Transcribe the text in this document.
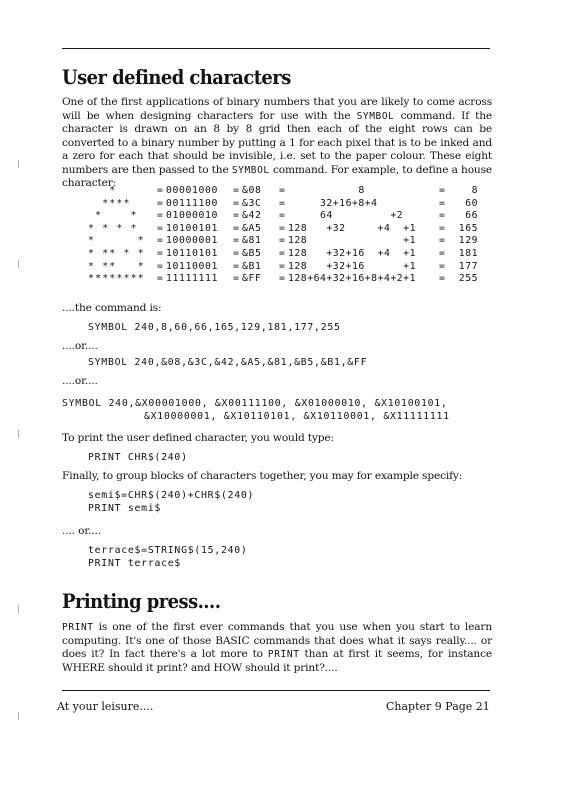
User defined characters
One of the first applications of binary numbers that you are likely to come across will be when designing characters for use with the SYMBOL command. If the character is drawn on an 8 by 8 grid then each of the eight rows can be converted to a binary number by putting a 1 for each pixel that is to be inked and a zero for each that should be invisible, i.e. set to the paper colour. These eight numbers are then passed to the SYMBOL command. For example, to define a house character:
*	=	00001000	=	&08	=	8	=	8
****	=	00111100	=	&3C	=	32+16+8+4	=	60
*    *	=	01000010	=	&42	=	64         +2	=	66
* * * *	=	10100101	=	&A5	=	128   +32     +4  +1	=	165
*      *	=	10000001	=	&81	=	128               +1	=	129
* ** * *	=	10110101	=	&B5	=	128   +32+16  +4  +1	=	181
* **   *	=	10110001	=	&B1	=	128   +32+16      +1	=	177
********	=	11111111	=	&FF	=	128+64+32+16+8+4+2+1	=	255
....the command is:
SYMBOL 240,8,60,66,165,129,181,177,255
....or....
SYMBOL 240,&08,&3C,&42,&A5,&81,&B5,&B1,&FF
....or....
SYMBOL 240,&X00001000, &X00111100, &X01000010, &X10100101,
&X10000001, &X10110101, &X10110001, &X11111111
To print the user defined character, you would type:
PRINT CHR$(240)
Finally, to group blocks of characters together, you may for example specify:
semi$=CHR$(240)+CHR$(240)
PRINT semi$
.... or....
terrace$=STRING$(15,240)
PRINT terrace$
Printing press....
PRINT is one of the first ever commands that you use when you start to learn computing. It's one of those BASIC commands that does what it says really.... or does it? In fact there's a lot more to PRINT than at first it seems, for instance WHERE should it print? and HOW should it print?....
At your leisure....	Chapter 9 Page 21
